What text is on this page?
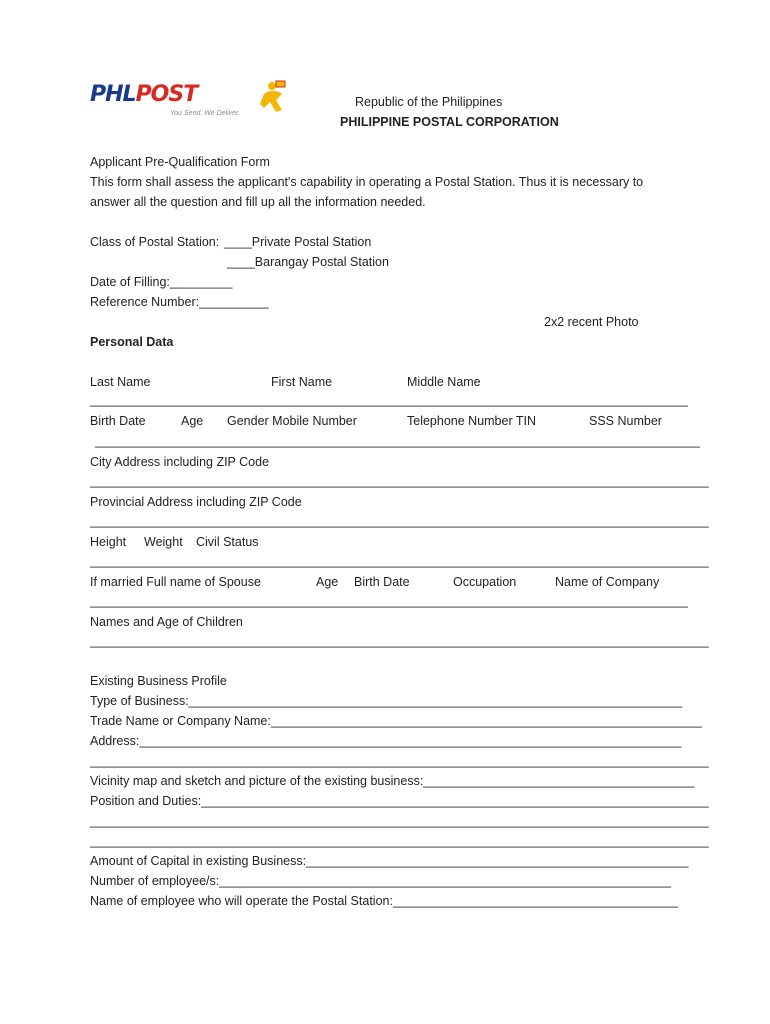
PHLPOST
You Send. We Deliver.
Republic of the Philippines
PHILIPPINE POSTAL CORPORATION
Applicant Pre-Qualification Form
This form shall assess the applicant's capability in operating a Postal Station. Thus it is necessary to
answer all the question and fill up all the information needed.
Class of Postal Station: ____Private Postal Station
____Barangay Postal Station
Date of Filling:_________
Reference Number:__________
2x2 recent Photo
Personal Data
Last Name	First Name	Middle Name
______________________________________________________________________________________
Birth Date	Age Gender Mobile Number	Telephone Number TIN	SSS Number
_______________________________________________________________________________________
City Address including ZIP Code
_________________________________________________________________________________________
Provincial Address including ZIP Code
_________________________________________________________________________________________
Height Weight Civil Status
_________________________________________________________________________________________
If married Full name of Spouse	Age Birth Date	Occupation	Name of Company
______________________________________________________________________________________
Names and Age of Children
_________________________________________________________________________________________
Existing Business Profile
Type of Business:_______________________________________________________________________
Trade Name or Company Name:______________________________________________________________
Address:______________________________________________________________________________
_________________________________________________________________________________________
Vicinity map and sketch and picture of the existing business:_______________________________________
Position and Duties:_________________________________________________________________________
_________________________________________________________________________________________
_________________________________________________________________________________________
Amount of Capital in existing Business:_______________________________________________________
Number of employee/s:_________________________________________________________________
Name of employee who will operate the Postal Station:_________________________________________
